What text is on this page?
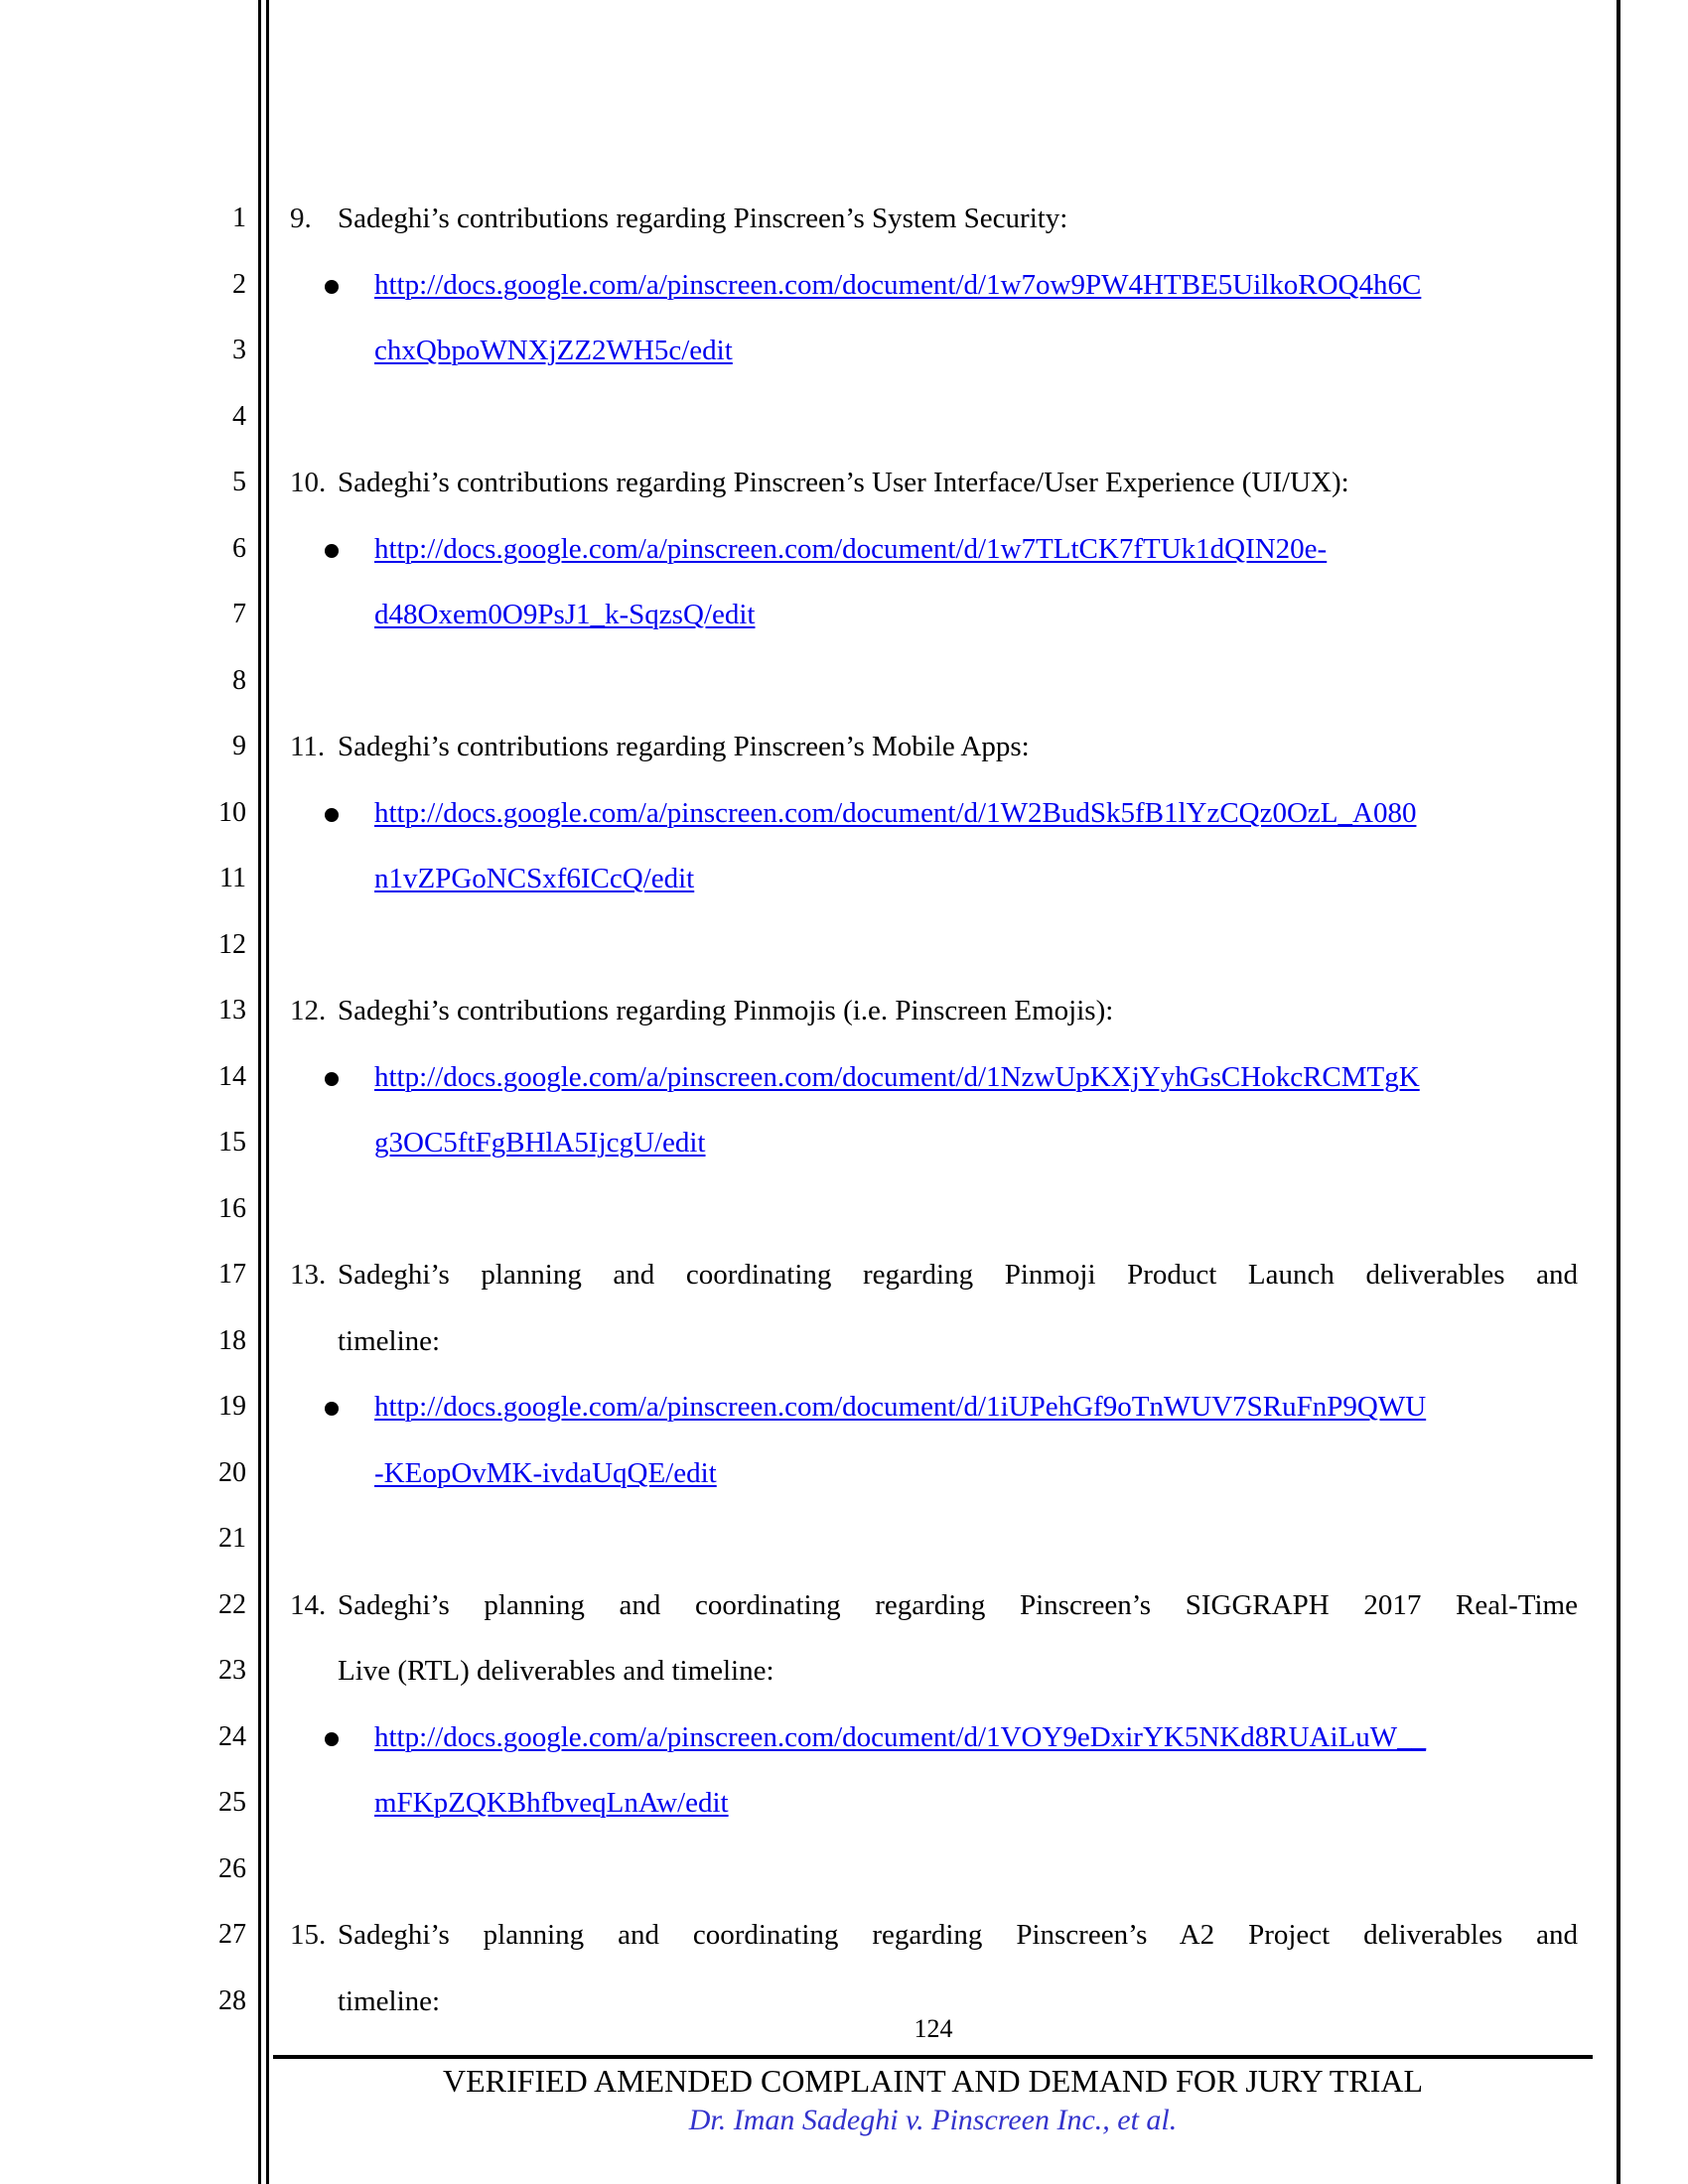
1
2
3
4
5
6
7
8
9
10
11
12
13
14
15
16
17
18
19
20
21
22
23
24
25
26
27
28
9. Sadeghi’s contributions regarding Pinscreen’s System Security:
http://docs.google.com/a/pinscreen.com/document/d/1w7ow9PW4HTBE5UilkoROQ4h6C
chxQbpoWNXjZZ2WH5c/edit
10. Sadeghi’s contributions regarding Pinscreen’s User Interface/User Experience (UI/UX):
http://docs.google.com/a/pinscreen.com/document/d/1w7TLtCK7fTUk1dQIN20e-
d48Oxem0O9PsJ1_k-SqzsQ/edit
11. Sadeghi’s contributions regarding Pinscreen’s Mobile Apps:
http://docs.google.com/a/pinscreen.com/document/d/1W2BudSk5fB1lYzCQz0OzL_A080
n1vZPGoNCSxf6ICcQ/edit
12. Sadeghi’s contributions regarding Pinmojis (i.e. Pinscreen Emojis):
http://docs.google.com/a/pinscreen.com/document/d/1NzwUpKXjYyhGsCHokcRCMTgK
g3OC5ftFgBHlA5IjcgU/edit
13. Sadeghi’s planning and coordinating regarding Pinmoji Product Launch deliverables and
timeline:
http://docs.google.com/a/pinscreen.com/document/d/1iUPehGf9oTnWUV7SRuFnP9QWU
-KEopOvMK-ivdaUqQE/edit
14. Sadeghi’s planning and coordinating regarding Pinscreen’s SIGGRAPH 2017 Real-Time
Live (RTL) deliverables and timeline:
http://docs.google.com/a/pinscreen.com/document/d/1VOY9eDxirYK5NKd8RUAiLuW__
mFKpZQKBhfbveqLnAw/edit
15. Sadeghi’s planning and coordinating regarding Pinscreen’s A2 Project deliverables and
timeline:
124
VERIFIED AMENDED COMPLAINT AND DEMAND FOR JURY TRIAL
Dr. Iman Sadeghi v. Pinscreen Inc., et al.
